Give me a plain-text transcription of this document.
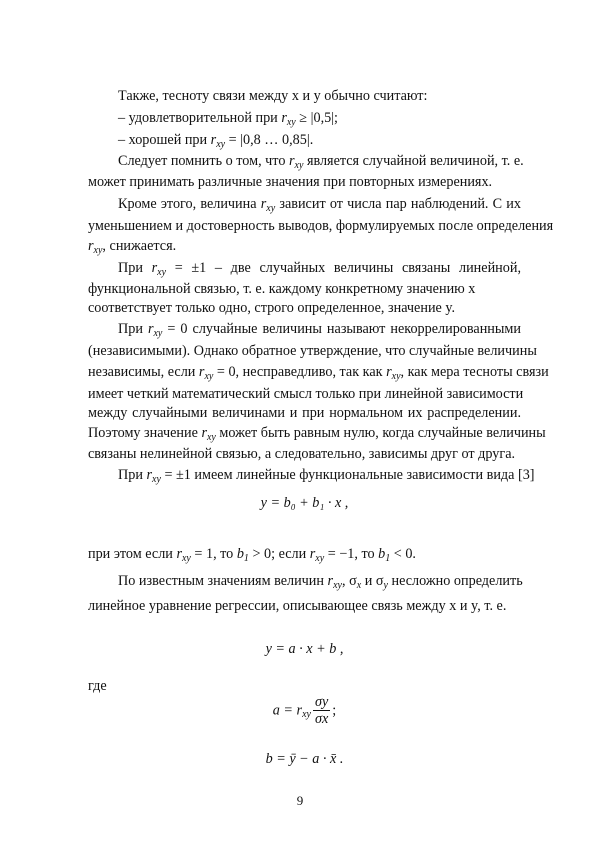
Также, тесноту связи между x и y обычно считают:
– удовлетворительной при $r_{xy} \ge |0,5|$;
– хорошей при $r_{xy} = |0,8$ … 0,85|.
Следует помнить о том, что $r_{xy}$ является случайной величиной, т. е.
может принимать различные значения при повторных измерениях.
Кроме этого, величина $r_{xy}$ зависит от числа пар наблюдений. С их
уменьшением и достоверность выводов, формулируемых после определения
$r_{xy}$, снижается.
При $r_{xy} = \pm 1$ – две случайных величины связаны линейной,
функциональной связью, т. е. каждому конкретному значению x
соответствует только одно, строго определенное, значение y.
При $r_{xy} = 0$ случайные величины называют некоррелированными
(независимыми). Однако обратное утверждение, что случайные величины
независимы, если $r_{xy} = 0$, несправедливо, так как $r_{xy}$, как мера тесноты связи
имеет четкий математический смысл только при линейной зависимости
между случайными величинами и при нормальном их распределении.
Поэтому значение $r_{xy}$ может быть равным нулю, когда случайные величины
связаны нелинейной связью, а следовательно, зависимы друг от друга.
При $r_{xy} = \pm 1$ имеем линейные функциональные зависимости вида [3]
y = b₀ + b₁ · x ,
при этом если $r_{xy} = 1$, то $b_1 > 0$; если $r_{xy} = -1$, то $b_1 < 0$.
По известным значениям величин $r_{xy}$, $\sigma_x$ и $\sigma_y$ несложно определить
линейное уравнение регрессии, описывающее связь между x и y, т. е.
y = a · x + b ,
где
$a = r_{xy} \frac{\sigma y}{\sigma x}$ ;
b = ȳ − a · x̄ .
9
